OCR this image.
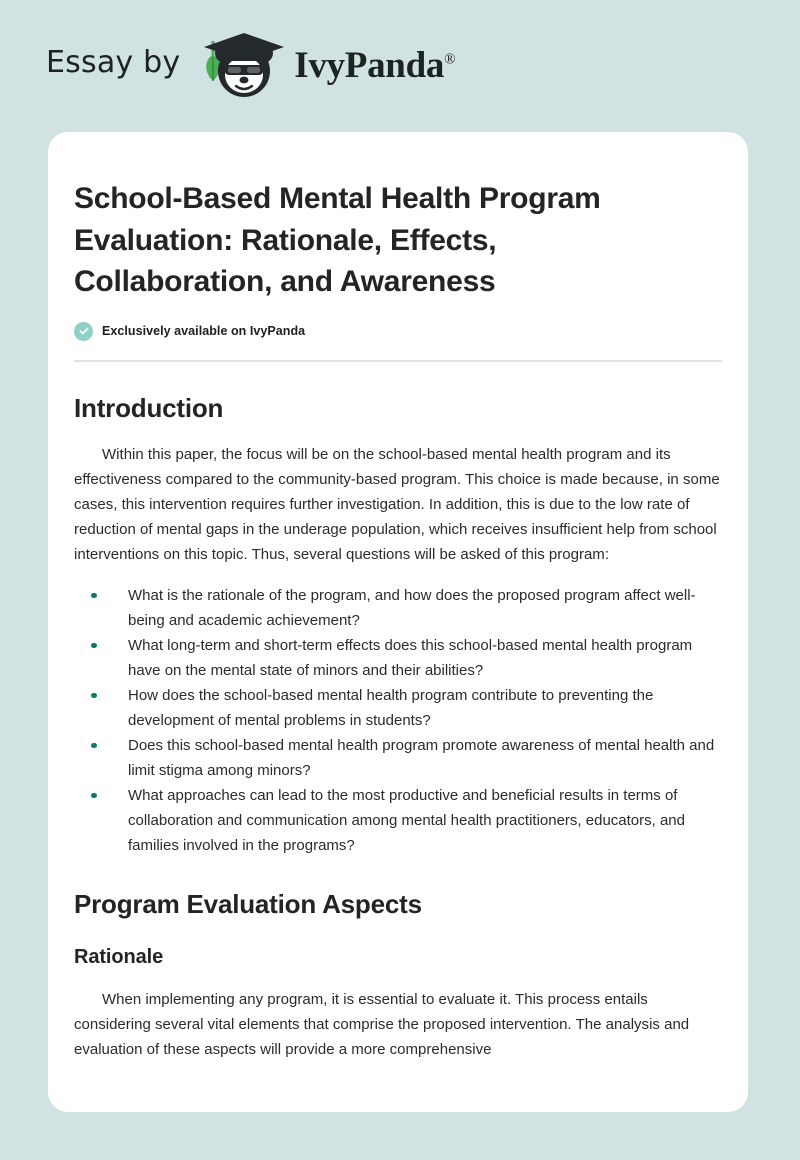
Essay by	IvyPanda®
School-Based Mental Health Program Evaluation: Rationale, Effects, Collaboration, and Awareness
Exclusively available on IvyPanda
Introduction

Within this paper, the focus will be on the school-based mental health program and its effectiveness compared to the community-based program. This choice is made because, in some cases, this intervention requires further investigation. In addition, this is due to the low rate of reduction of mental gaps in the underage population, which receives insufficient help from school interventions on this topic. Thus, several questions will be asked of this program:

What is the rationale of the program, and how does the proposed program affect well-being and academic achievement?
What long-term and short-term effects does this school-based mental health program have on the mental state of minors and their abilities?
How does the school-based mental health program contribute to preventing the development of mental problems in students?
Does this school-based mental health program promote awareness of mental health and limit stigma among minors?
What approaches can lead to the most productive and beneficial results in terms of collaboration and communication among mental health practitioners, educators, and families involved in the programs?
Program Evaluation Aspects
Rationale

When implementing any program, it is essential to evaluate it. This process entails considering several vital elements that comprise the proposed intervention. The analysis and evaluation of these aspects will provide a more comprehensive
